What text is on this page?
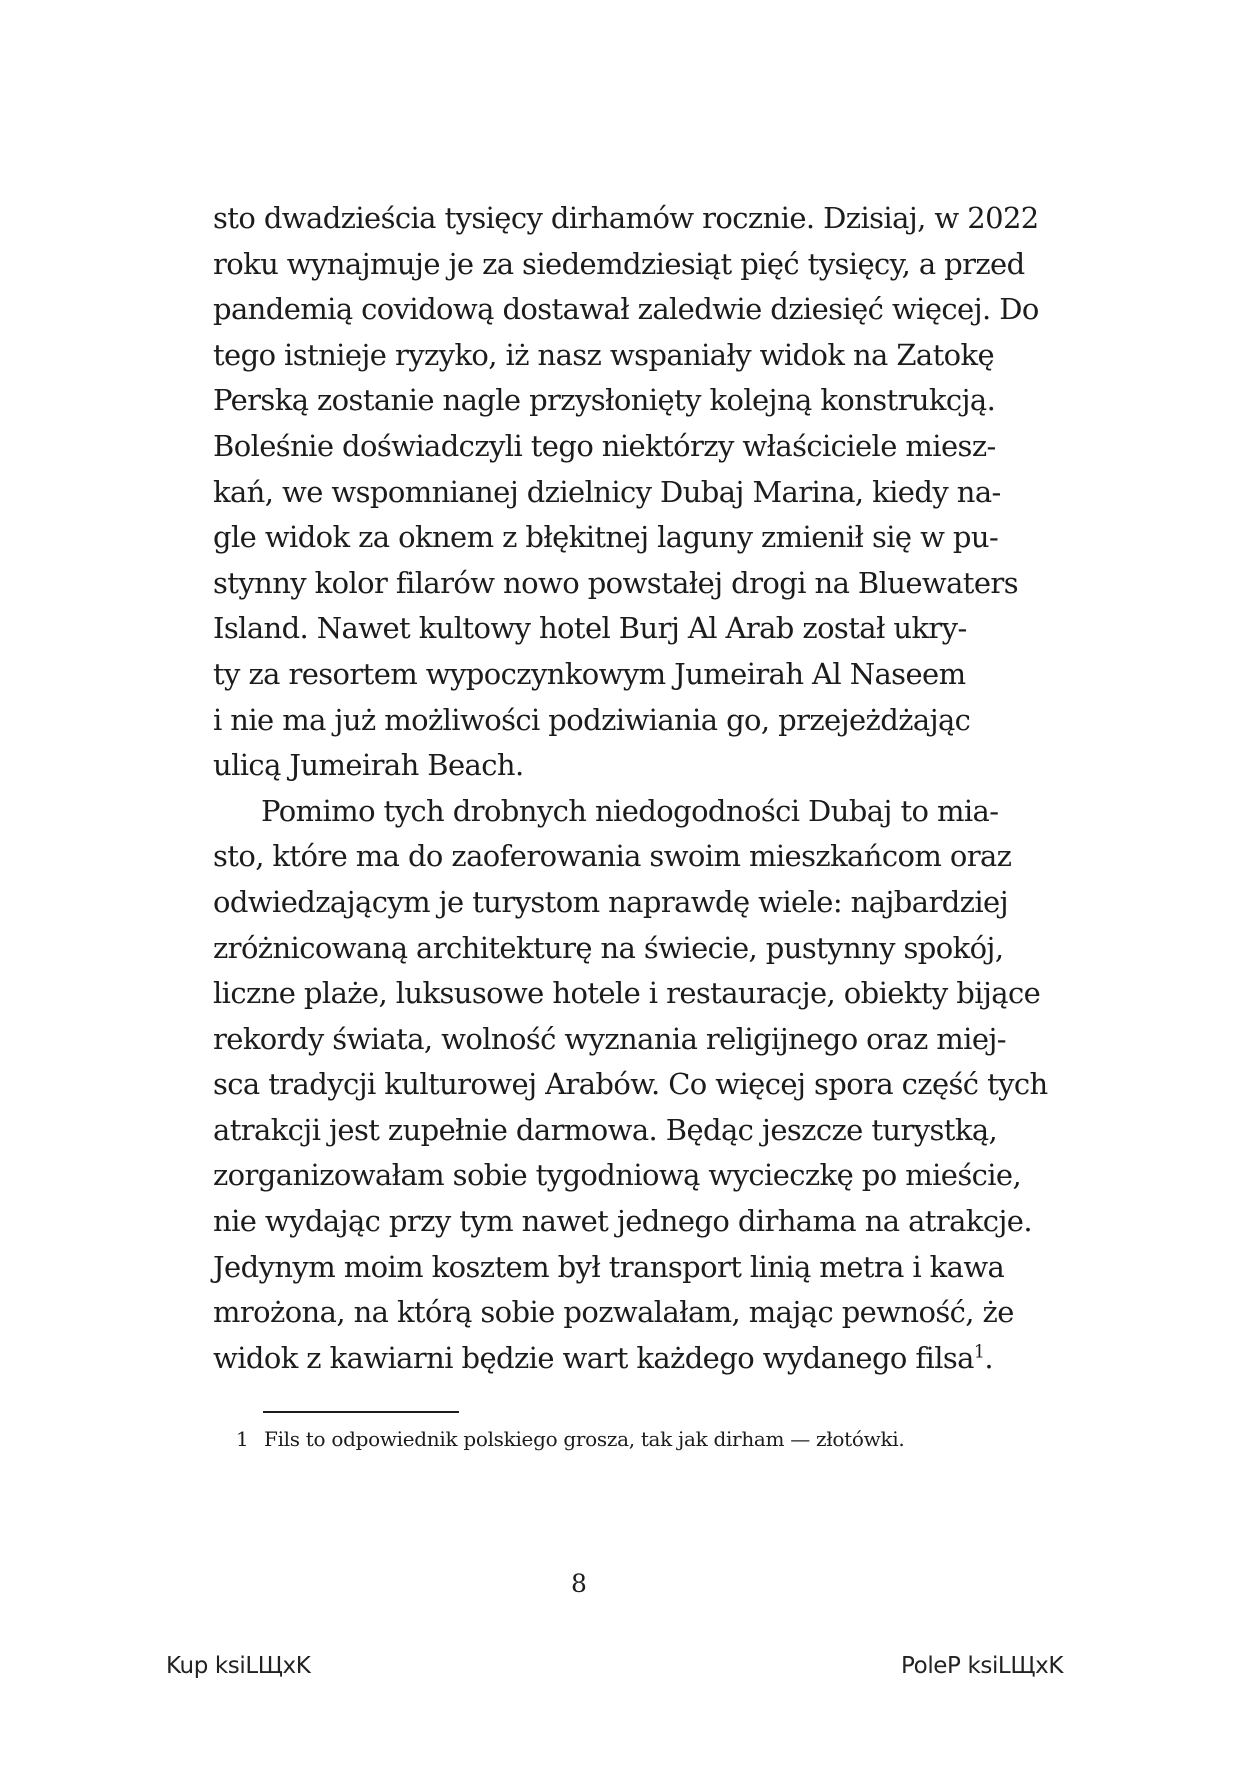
sto dwadzieścia tysięcy dirhamów rocznie. Dzisiaj, w 2022
roku wynajmuje je za siedemdziesiąt pięć tysięcy, a przed
pandemią covidową dostawał zaledwie dziesięć więcej. Do
tego istnieje ryzyko, iż nasz wspaniały widok na Zatokę
Perską zostanie nagle przysłonięty kolejną konstrukcją.
Boleśnie doświadczyli tego niektórzy właściciele miesz-
kań, we wspomnianej dzielnicy Dubaj Marina, kiedy na-
gle widok za oknem z błękitnej laguny zmienił się w pu-
stynny kolor filarów nowo powstałej drogi na Bluewaters
Island. Nawet kultowy hotel Burj Al Arab został ukry-
ty za resortem wypoczynkowym Jumeirah Al Naseem
i nie ma już możliwości podziwiania go, przejeżdżając
ulicą Jumeirah Beach.
Pomimo tych drobnych niedogodności Dubaj to mia-
sto, które ma do zaoferowania swoim mieszkańcom oraz
odwiedzającym je turystom naprawdę wiele: najbardziej
zróżnicowaną architekturę na świecie, pustynny spokój,
liczne plaże, luksusowe hotele i restauracje, obiekty bijące
rekordy świata, wolność wyznania religijnego oraz miej-
sca tradycji kulturowej Arabów. Co więcej spora część tych
atrakcji jest zupełnie darmowa. Będąc jeszcze turystką,
zorganizowałam sobie tygodniową wycieczkę po mieście,
nie wydając przy tym nawet jednego dirhama na atrakcje.
Jedynym moim kosztem był transport linią metra i kawa
mrożona, na którą sobie pozwalałam, mając pewność, że
widok z kawiarni będzie wart każdego wydanego filsa$^1$.
1 Fils to odpowiednik polskiego grosza, tak jak dirham — złotówki.
8
Kup ksiLЩxK	PoleP ksiLЩxK
